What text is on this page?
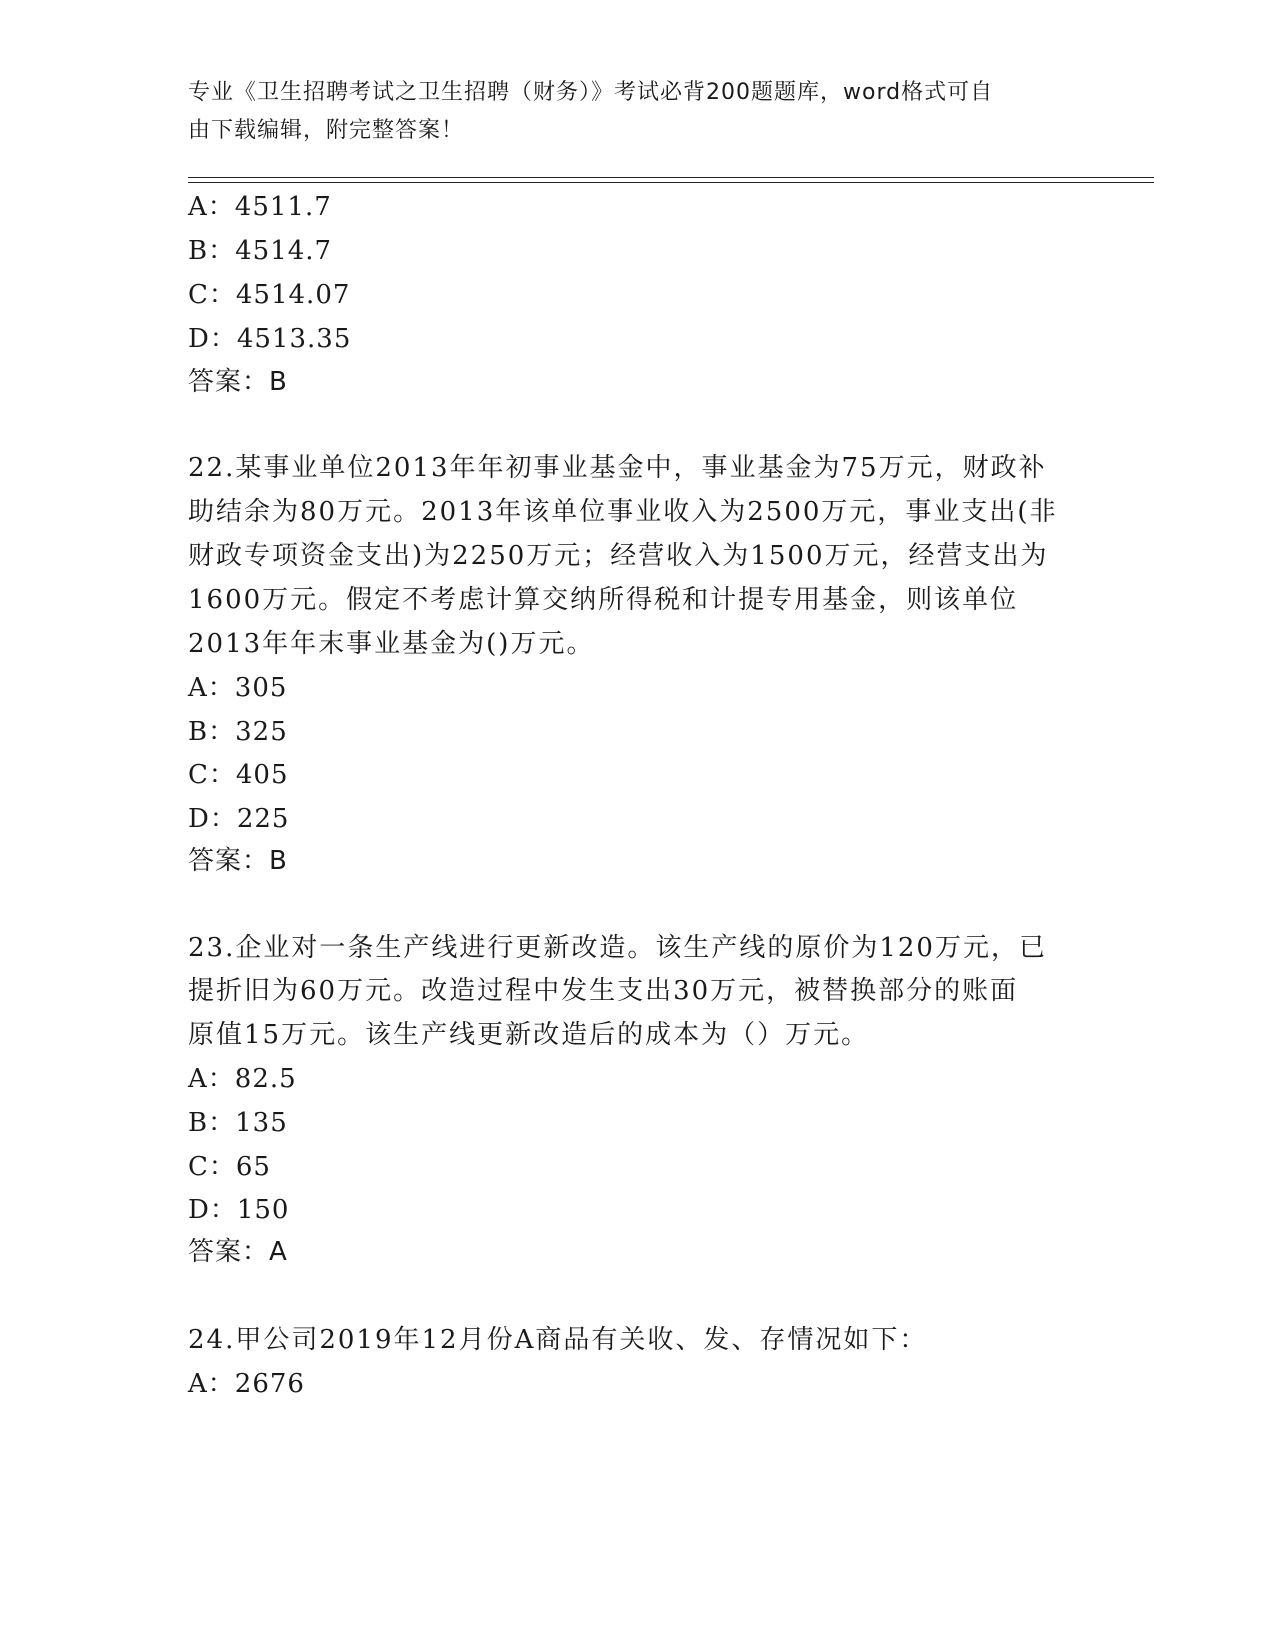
专业《卫生招聘考试之卫生招聘（财务）》考试必背200题题库，word格式可自
由下载编辑，附完整答案！
A：4511.7
B：4514.7
C：4514.07
D：4513.35
答案：B
22.某事业单位2013年年初事业基金中，事业基金为75万元，财政补
助结余为80万元。2013年该单位事业收入为2500万元，事业支出(非
财政专项资金支出)为2250万元；经营收入为1500万元，经营支出为
1600万元。假定不考虑计算交纳所得税和计提专用基金，则该单位
2013年年末事业基金为()万元。
A：305
B：325
C：405
D：225
答案：B
23.企业对一条生产线进行更新改造。该生产线的原价为120万元，已
提折旧为60万元。改造过程中发生支出30万元，被替换部分的账面
原值15万元。该生产线更新改造后的成本为（）万元。
A：82.5
B：135
C：65
D：150
答案：A
24.甲公司2019年12月份A商品有关收、发、存情况如下：
A：2676
